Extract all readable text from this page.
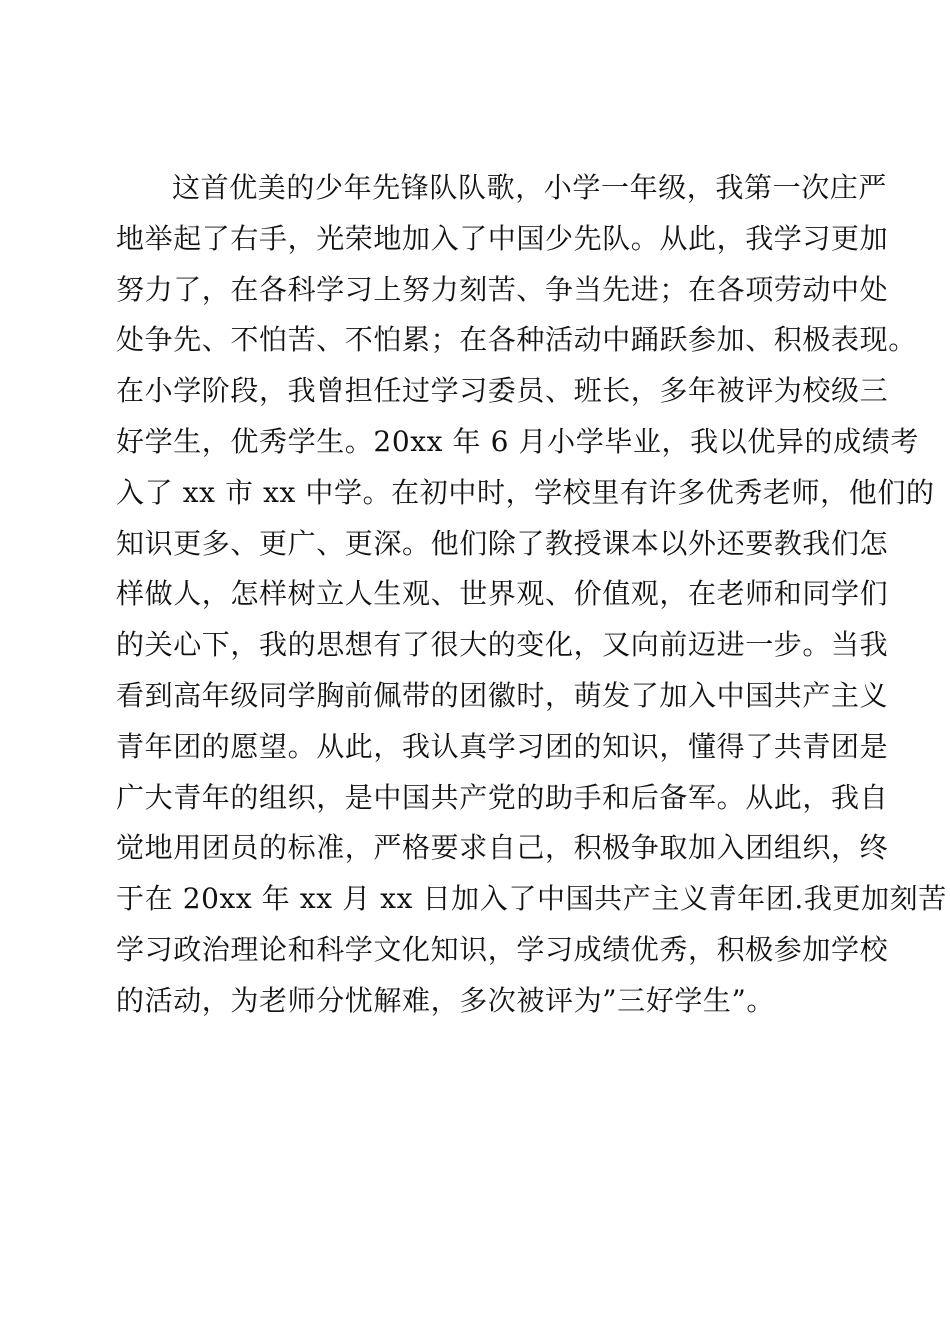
这首优美的少年先锋队队歌，小学一年级，我第一次庄严
地举起了右手，光荣地加入了中国少先队。从此，我学习更加
努力了，在各科学习上努力刻苦、争当先进；在各项劳动中处
处争先、不怕苦、不怕累；在各种活动中踊跃参加、积极表现。
在小学阶段，我曾担任过学习委员、班长，多年被评为校级三
好学生，优秀学生。20xx 年 6 月小学毕业，我以优异的成绩考
入了 xx 市 xx 中学。在初中时，学校里有许多优秀老师，他们的
知识更多、更广、更深。他们除了教授课本以外还要教我们怎
样做人，怎样树立人生观、世界观、价值观，在老师和同学们
的关心下，我的思想有了很大的变化，又向前迈进一步。当我
看到高年级同学胸前佩带的团徽时，萌发了加入中国共产主义
青年团的愿望。从此，我认真学习团的知识，懂得了共青团是
广大青年的组织，是中国共产党的助手和后备军。从此，我自
觉地用团员的标准，严格要求自己，积极争取加入团组织，终
于在 20xx 年 xx 月 xx 日加入了中国共产主义青年团.我更加刻苦
学习政治理论和科学文化知识，学习成绩优秀，积极参加学校
的活动，为老师分忧解难，多次被评为”三好学生”。
